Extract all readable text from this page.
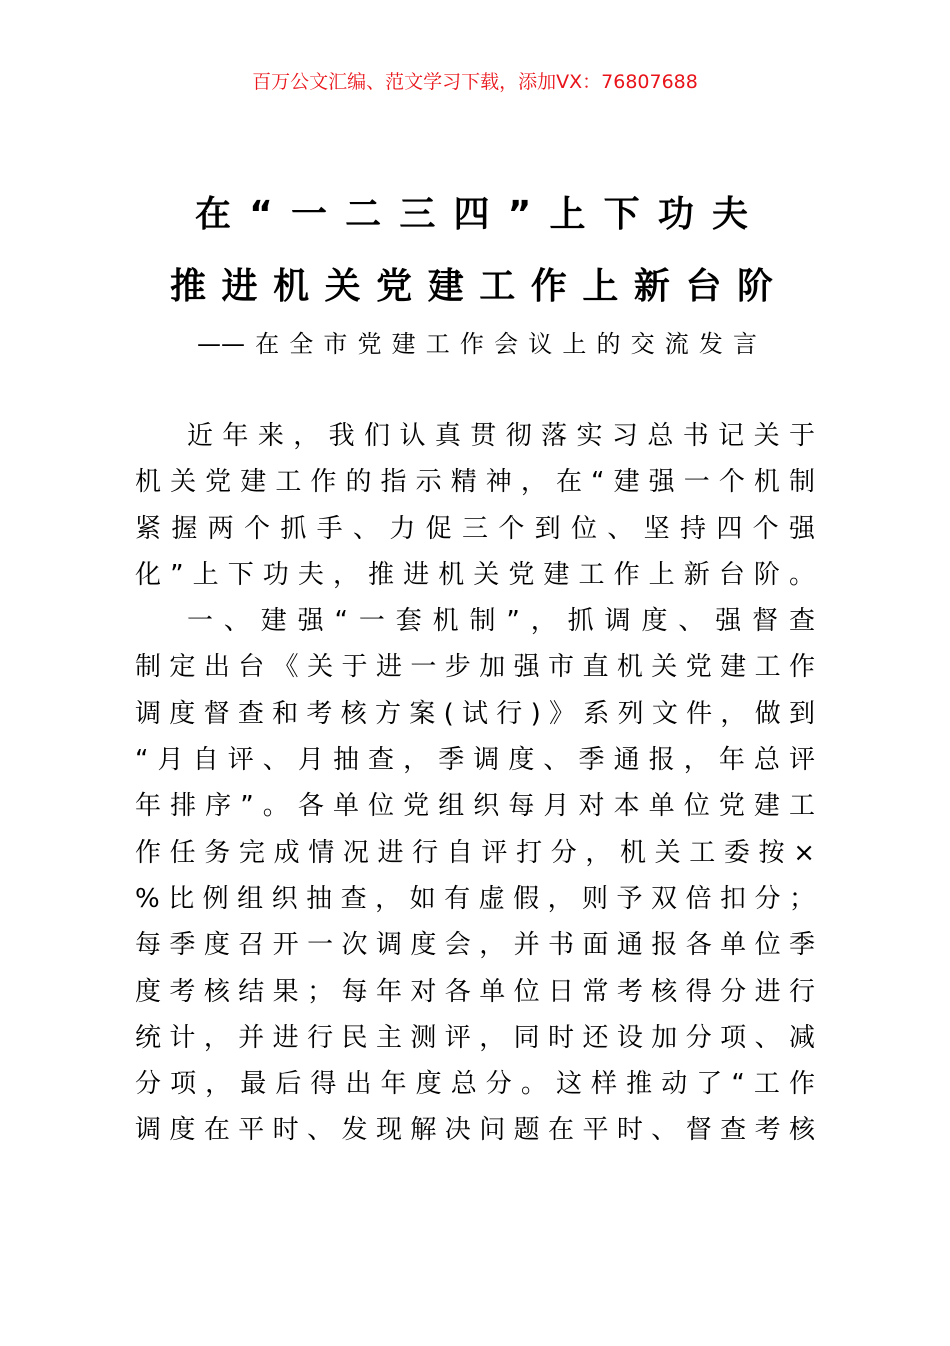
百万公文汇编、范文学习下载，添加VX：76807688
在“一二三四”上下功夫
推进机关党建工作上新台阶
——在全市党建工作会议上的交流发言
近年来，我们认真贯彻落实习总书记关于
机关党建工作的指示精神，在“建强一个机制
紧握两个抓手、力促三个到位、坚持四个强
化”上下功夫，推进机关党建工作上新台阶。
一、建强“一套机制”，抓调度、强督查
制定出台《关于进一步加强市直机关党建工作
调度督查和考核方案(试行)》系列文件，做到
“月自评、月抽查，季调度、季通报，年总评
年排序”。各单位党组织每月对本单位党建工
作任务完成情况进行自评打分，机关工委按×
%比例组织抽查，如有虚假，则予双倍扣分；
每季度召开一次调度会，并书面通报各单位季
度考核结果；每年对各单位日常考核得分进行
统计，并进行民主测评，同时还设加分项、减
分项，最后得出年度总分。这样推动了“工作
调度在平时、发现解决问题在平时、督查考核
